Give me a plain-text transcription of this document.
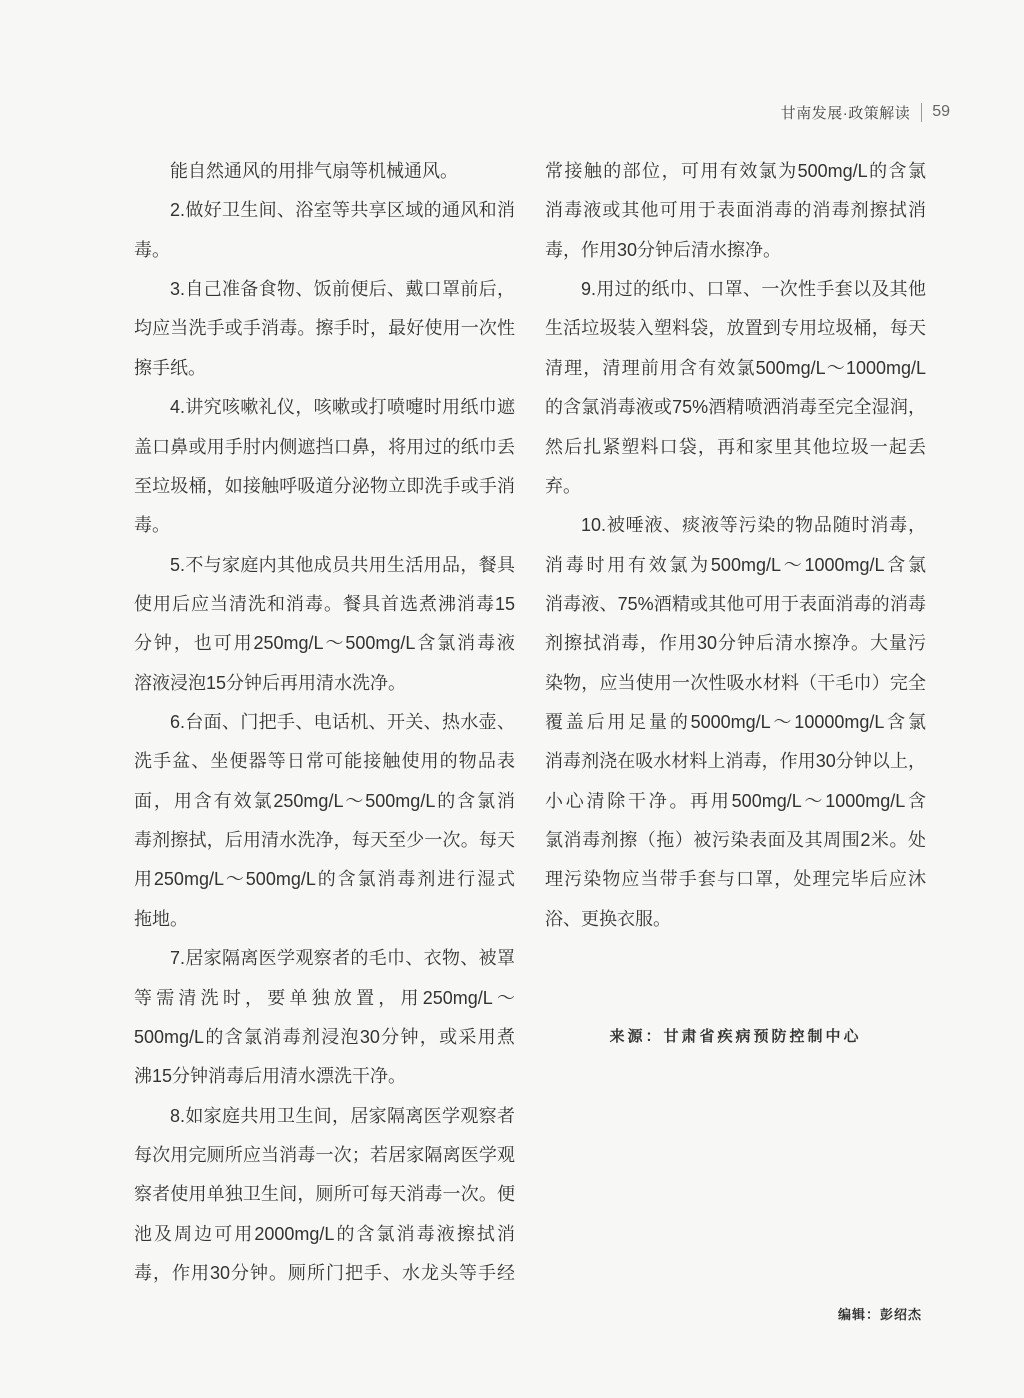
甘南发展·政策解读 59
能自然通风的用排气扇等机械通风。
2.做好卫生间、浴室等共享区域的通风和消
毒。
3.自己准备食物、饭前便后、戴口罩前后，
均应当洗手或手消毒。擦手时，最好使用一次性
擦手纸。
4.讲究咳嗽礼仪，咳嗽或打喷嚏时用纸巾遮
盖口鼻或用手肘内侧遮挡口鼻，将用过的纸巾丢
至垃圾桶，如接触呼吸道分泌物立即洗手或手消
毒。
5.不与家庭内其他成员共用生活用品，餐具
使用后应当清洗和消毒。餐具首选煮沸消毒15
分钟，也可用250mg/L～500mg/L含氯消毒液
溶液浸泡15分钟后再用清水洗净。
6.台面、门把手、电话机、开关、热水壶、
洗手盆、坐便器等日常可能接触使用的物品表
面，用含有效氯250mg/L～500mg/L的含氯消
毒剂擦拭，后用清水洗净，每天至少一次。每天
用250mg/L～500mg/L的含氯消毒剂进行湿式
拖地。
7.居家隔离医学观察者的毛巾、衣物、被罩
等需清洗时，要单独放置，用250mg/L～
500mg/L的含氯消毒剂浸泡30分钟，或采用煮
沸15分钟消毒后用清水漂洗干净。
8.如家庭共用卫生间，居家隔离医学观察者
每次用完厕所应当消毒一次；若居家隔离医学观
察者使用单独卫生间，厕所可每天消毒一次。便
池及周边可用2000mg/L的含氯消毒液擦拭消
毒，作用30分钟。厕所门把手、水龙头等手经
常接触的部位，可用有效氯为500mg/L的含氯
消毒液或其他可用于表面消毒的消毒剂擦拭消
毒，作用30分钟后清水擦净。
9.用过的纸巾、口罩、一次性手套以及其他
生活垃圾装入塑料袋，放置到专用垃圾桶，每天
清理，清理前用含有效氯500mg/L～1000mg/L
的含氯消毒液或75%酒精喷洒消毒至完全湿润，
然后扎紧塑料口袋，再和家里其他垃圾一起丢
弃。
10.被唾液、痰液等污染的物品随时消毒，
消毒时用有效氯为500mg/L～1000mg/L含氯
消毒液、75%酒精或其他可用于表面消毒的消毒
剂擦拭消毒，作用30分钟后清水擦净。大量污
染物，应当使用一次性吸水材料（干毛巾）完全
覆盖后用足量的5000mg/L～10000mg/L含氯
消毒剂浇在吸水材料上消毒，作用30分钟以上，
小心清除干净。再用500mg/L～1000mg/L含
氯消毒剂擦（拖）被污染表面及其周围2米。处
理污染物应当带手套与口罩，处理完毕后应沐
浴、更换衣服。
来源：甘肃省疾病预防控制中心
编辑：彭绍杰
